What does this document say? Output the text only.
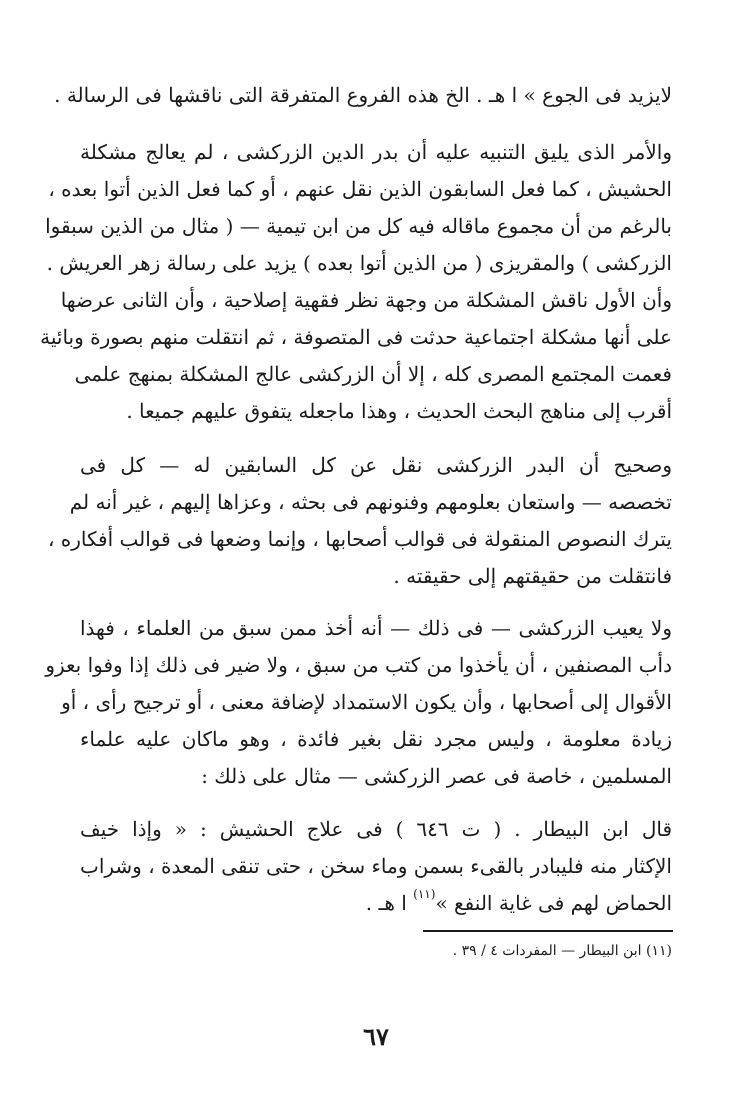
لايزيد فى الجوع » ا هـ . الخ هذه الفروع المتفرقة التى ناقشها فى الرسالة .
والأمر الذى يليق التنبيه عليه أن بدر الدين الزركشى ، لم يعالج مشكلة
الحشيش ، كما فعل السابقون الذين نقل عنهم ، أو كما فعل الذين أتوا بعده ،
بالرغم من أن مجموع ماقاله فيه كل من ابن تيمية — ( مثال من الذين سبقوا
الزركشى ) والمقريزى ( من الذين أتوا بعده ) يزيد على رسالة زهر العريش .
وأن الأول ناقش المشكلة من وجهة نظر فقهية إصلاحية ، وأن الثانى عرضها
على أنها مشكلة اجتماعية حدثت فى المتصوفة ، ثم انتقلت منهم بصورة وبائية
فعمت المجتمع المصرى كله ، إلا أن الزركشى عالج المشكلة بمنهج علمى
أقرب إلى مناهج البحث الحديث ، وهذا ماجعله يتفوق عليهم جميعا .
وصحيح أن البدر الزركشى نقل عن كل السابقين له — كل فى
تخصصه — واستعان بعلومهم وفنونهم فى بحثه ، وعزاها إليهم ، غير أنه لم
يترك النصوص المنقولة فى قوالب أصحابها ، وإنما وضعها فى قوالب أفكاره ،
فانتقلت من حقيقتهم إلى حقيقته .
ولا يعيب الزركشى — فى ذلك — أنه أخذ ممن سبق من العلماء ، فهذا
دأب المصنفين ، أن يأخذوا من كتب من سبق ، ولا ضير فى ذلك إذا وفوا بعزو
الأقوال إلى أصحابها ، وأن يكون الاستمداد لإضافة معنى ، أو ترجيح رأى ، أو
زيادة معلومة ، وليس مجرد نقل بغير فائدة ، وهو ماكان عليه علماء
المسلمين ، خاصة فى عصر الزركشى — مثال على ذلك :
قال ابن البيطار . ( ت ٦٤٦ ) فى علاج الحشيش : « وإذا خيف
الإكثار منه فليبادر بالقىء بسمن وماء سخن ، حتى تنقى المعدة ، وشراب
الحماض لهم فى غاية النفع »$^{(١١)}$ ا هـ .
(١١) ابن البيطار — المفردات ٤ / ٣٩ .
٦٧
